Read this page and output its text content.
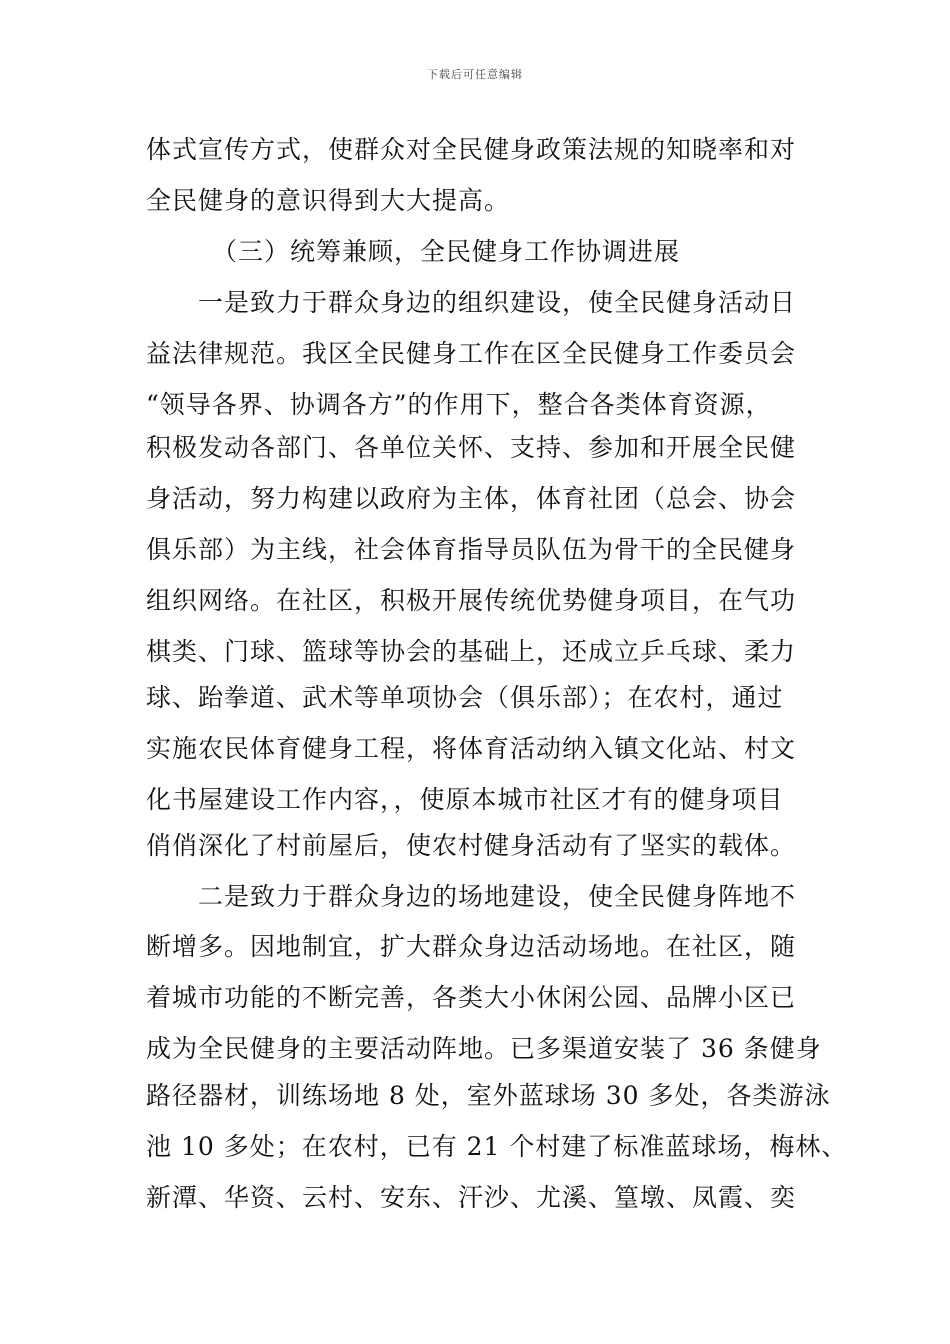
下载后可任意编辑
体式宣传方式，使群众对全民健身政策法规的知晓率和对
全民健身的意识得到大大提高。
（三）统筹兼顾，全民健身工作协调进展
一是致力于群众身边的组织建设，使全民健身活动日
益法律规范。我区全民健身工作在区全民健身工作委员会
“领导各界、协调各方”的作用下，整合各类体育资源，
积极发动各部门、各单位关怀、支持、参加和开展全民健
身活动，努力构建以政府为主体，体育社团（总会、协会
俱乐部）为主线，社会体育指导员队伍为骨干的全民健身
组织网络。在社区，积极开展传统优势健身项目，在气功
棋类、门球、篮球等协会的基础上，还成立乒乓球、柔力
球、跆拳道、武术等单项协会（俱乐部）；在农村，通过
实施农民体育健身工程，将体育活动纳入镇文化站、村文
化书屋建设工作内容，，使原本城市社区才有的健身项目
俏俏深化了村前屋后，使农村健身活动有了坚实的载体。
二是致力于群众身边的场地建设，使全民健身阵地不
断增多。因地制宜，扩大群众身边活动场地。在社区，随
着城市功能的不断完善，各类大小休闲公园、品牌小区已
成为全民健身的主要活动阵地。已多渠道安装了 36 条健身
路径器材，训练场地 8 处，室外蓝球场 30 多处，各类游泳
池 10 多处；在农村，已有 21 个村建了标准蓝球场，梅林、
新潭、华资、云村、安东、汗沙、尤溪、篁墩、凤霞、奕
